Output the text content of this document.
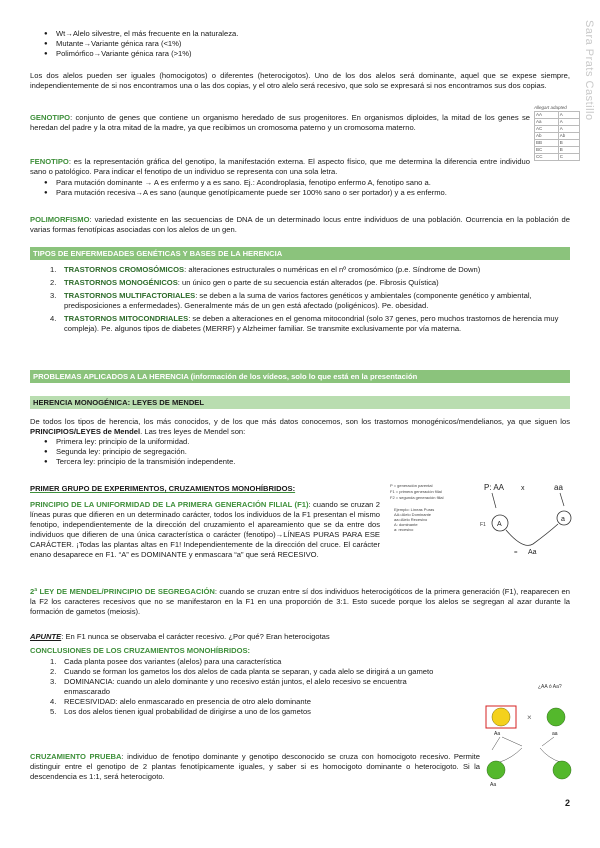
Sara Prats Castillo
● Wt→Alelo silvestre, el más frecuente en la naturaleza.
● Mutante→Variante génica rara (<1%)
● Polimórfico→Variante génica rara (>1%)

Los dos alelos pueden ser iguales (homocigotos) o diferentes (heterocigotos). Uno de los dos alelos será dominante, aquel que se expese siempre, independientemente de si nos encontramos una o las dos copias, y el otro alelo será recesivo, que solo se expresará si nos encontramos sus dos copias.

GENOTIPO: conjunto de genes que contiene un organismo heredado de sus progenitores. En organismos diploides, la mitad de los genes se heredan del padre y la otra mitad de la madre, ya que recibimos un cromosoma paterno y un cromosoma materno.

Allegart adapted
AA	A
Aa	A
AC	A
Ab	Ab
BB	B
BC	B
CC	C

FENOTIPO: es la representación gráfica del genotipo, la manifestación externa. El aspecto físico, que me determina la diferencia entre individuo sano o patológico. Para indicar el fenotipo de un individuo se representa con una sola letra.

● Para mutación dominante → A es enfermo y a es sano. Ej.: Acondroplasia, fenotipo enfermo A, fenotipo sano a.
● Para mutación recesiva→A es sano (aunque genotípicamente puede ser 100% sano o ser portador) y a es enfermo.

POLIMORFISMO: variedad existente en las secuencias de DNA de un determinado locus entre individuos de una población. Ocurrencia en la población de varias formas fenotípicas asociadas con los alelos de un gen.

TIPOS DE ENFERMEDADES GENÉTICAS Y BASES DE LA HERENCIA
1. TRASTORNOS CROMOSÓMICOS: alteraciones estructurales o numéricas en el nº cromosómico (p.e. Síndrome de Down)
2. TRASTORNOS MONOGÉNICOS: un único gen o parte de su secuencia están alterados (pe. Fibrosis Quística)
3. TRASTORNOS MULTIFACTORIALES: se deben a la suma de varios factores genéticos y ambientales (componente genético y ambiental, predisposiciones a enfermedades). Generalmente más de un gen está afectado (poligénicos). Pe. obesidad.
4. TRASTORNOS MITOCONDRIALES: se deben a alteraciones en el genoma mitocondrial (solo 37 genes, pero muchos trastornos de herencia muy compleja). Pe. algunos tipos de diabetes (MERRF) y Alzheimer familiar. Se transmite exclusivamente por vía materna.
PROBLEMAS APLICADOS A LA HERENCIA (información de los vídeos, solo lo que está en la presentación
HERENCIA MONOGÉNICA: LEYES DE MENDEL

De todos los tipos de herencia, los más conocidos, y de los que más datos conocemos, son los trastornos monogénicos/mendelianos, ya que siguen los PRINCIPIOS/LEYES de Mendel. Las tres leyes de Mendel son:

● Primera ley: principio de la uniformidad.
● Segunda ley: principio de segregación.
● Tercera ley: principio de la transmisión independente.
PRIMER GRUPO DE EXPERIMENTOS, CRUZAMIENTOS MONOHÍBRIDOS:

PRINCIPIO DE LA UNIFORMIDAD DE LA PRIMERA GENERACIÓN FILIAL (F1): cuando se cruzan 2 líneas puras que difieren en un determinado carácter, todos los individuos de la F1 presentan el mismo fenotipo, independientemente de la dirección del cruzamiento el apareamiento que se da entre dos individuos que difieren de una única característica o carácter (fenotipo)→LÍNEAS PURAS PARA ESE CARÁCTER. ¡Todas las plantas altas en F1! Independientemente de la dirección del cruce. El carácter enano desaparece en F1. “A” es DOMINANTE y enmascara “a” que será RECESIVO.

P = generación parental
F1 = primera generación filial
F2 = segunda generación filial
Ejemplo: Líneas Puras
AA=Alelo Dominante
aa=Alelo Recesivo
A: dominante
a: recesivo
P: AA x	aa
F1 A
a
Aa
=

2ª LEY DE MENDEL/PRINCIPIO DE SEGREGACIÓN: cuando se cruzan entre sí dos individuos heterocigóticos de la primera generación (F1), reaparecen en la F2 los caracteres recesivos que no se manifestaron en la F1 en una proporción de 3:1. Esto sucede porque los alelos se segregan al azar durante la formación de gametos (meiosis).

APUNTE: En F1 nunca se observaba el carácter recesivo. ¿Por qué? Eran heterocigotas

CONCLUSIONES DE LOS CRUZAMIENTOS MONOHÍBRIDOS:
1. Cada planta posee dos variantes (alelos) para una característica
2. Cuando se forman los gametos los dos alelos de cada planta se separan, y cada alelo se dirigirá a un gameto
3. DOMINANCIA: cuando un alelo dominante y uno recesivo están juntos, el alelo recesivo se encuentra enmascarado
4. RECESIVIDAD: alelo enmascarado en presencia de otro alelo dominante
5. Los dos alelos tienen igual probabilidad de dirigirse a uno de los gametos
¿AA ó Aa?
×
Aa	aa
Aa

CRUZAMIENTO PRUEBA: individuo de fenotipo dominante y genotipo desconocido se cruza con homocigoto recesivo. Permite distinguir entre el genotipo de 2 plantas fenotípicamente iguales, y saber si es homocigoto dominante o heterocigoto. Si la descendencia es 1:1, será heterocigoto.

2
